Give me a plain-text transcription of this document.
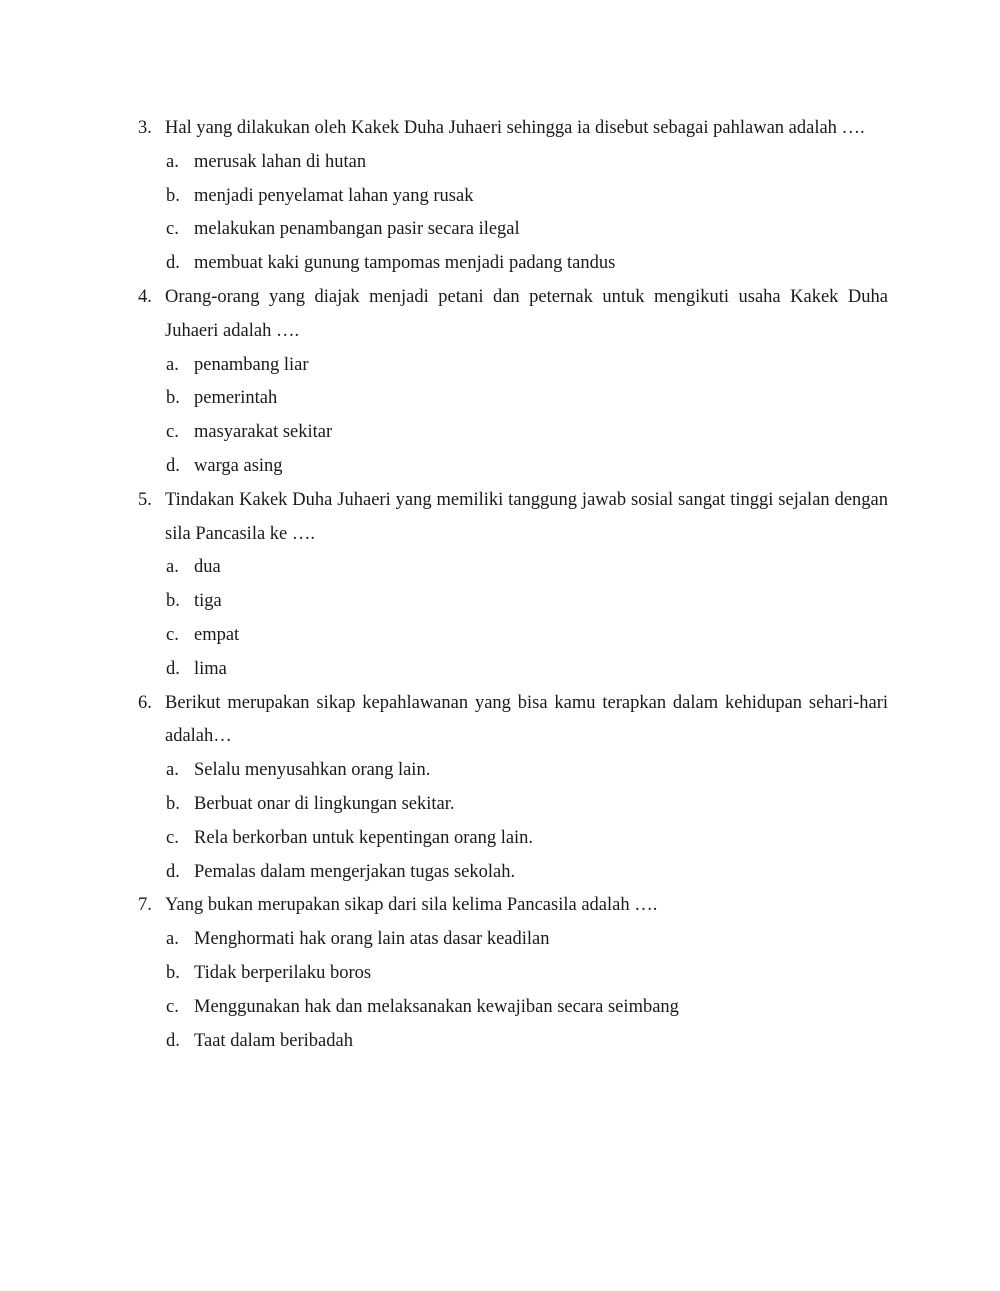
3. Hal yang dilakukan oleh Kakek Duha Juhaeri sehingga ia disebut sebagai pahlawan adalah ….
a. merusak lahan di hutan
b. menjadi penyelamat lahan yang rusak
c. melakukan penambangan pasir secara ilegal
d. membuat kaki gunung tampomas menjadi padang tandus
4. Orang-orang yang diajak menjadi petani dan peternak untuk mengikuti usaha Kakek Duha Juhaeri adalah ….
a. penambang liar
b. pemerintah
c. masyarakat sekitar
d. warga asing
5. Tindakan Kakek Duha Juhaeri yang memiliki tanggung jawab sosial sangat tinggi sejalan dengan sila Pancasila ke ….
a. dua
b. tiga
c. empat
d. lima
6. Berikut merupakan sikap kepahlawanan yang bisa kamu terapkan dalam kehidupan sehari-hari adalah…
a. Selalu menyusahkan orang lain.
b. Berbuat onar di lingkungan sekitar.
c. Rela berkorban untuk kepentingan orang lain.
d. Pemalas dalam mengerjakan tugas sekolah.
7. Yang bukan merupakan sikap dari sila kelima Pancasila adalah ….
a. Menghormati hak orang lain atas dasar keadilan
b. Tidak berperilaku boros
c. Menggunakan hak dan melaksanakan kewajiban secara seimbang
d. Taat dalam beribadah
